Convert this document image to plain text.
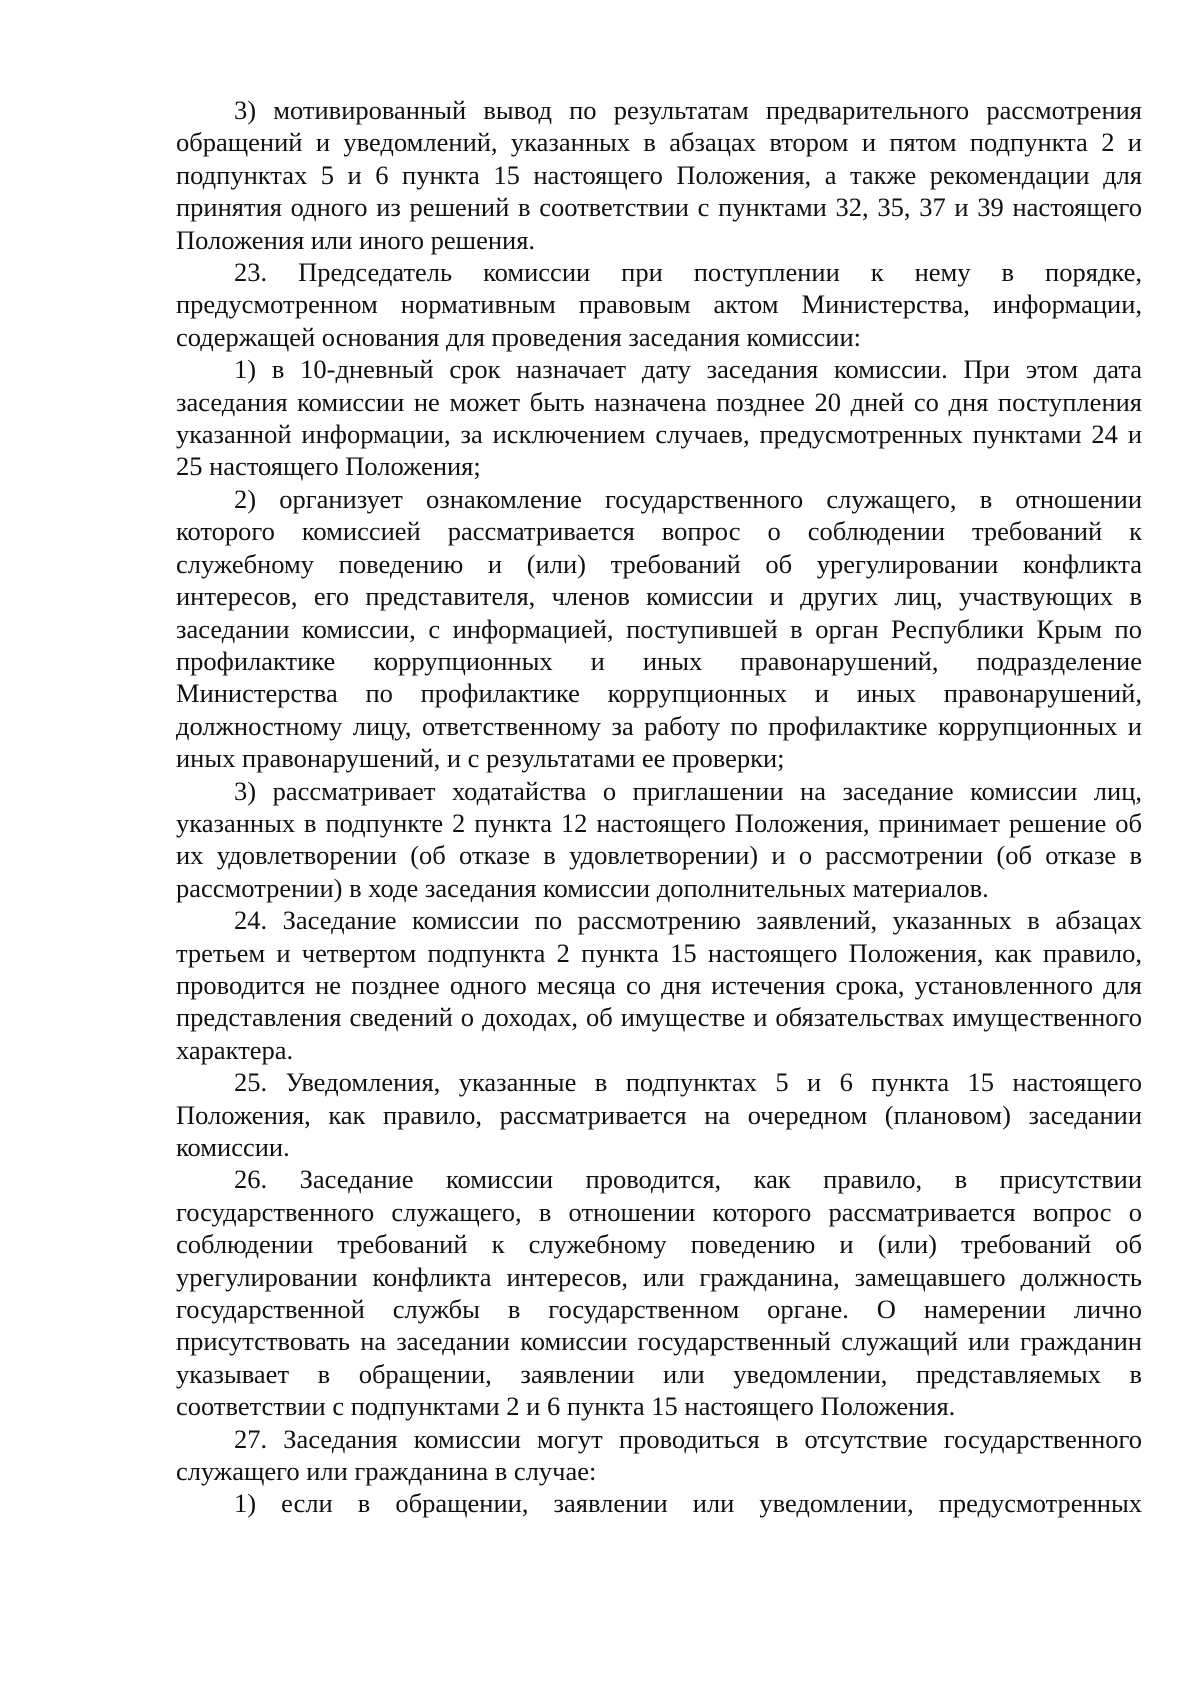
3) мотивированный вывод по результатам предварительного рассмотрения обращений и уведомлений, указанных в абзацах втором и пятом подпункта 2 и подпунктах 5 и 6 пункта 15 настоящего Положения, а также рекомендации для принятия одного из решений в соответствии с пунктами 32, 35, 37 и 39 настоящего Положения или иного решения.

23. Председатель комиссии при поступлении к нему в порядке, предусмотренном нормативным правовым актом Министерства, информации, содержащей основания для проведения заседания комиссии:

1) в 10-дневный срок назначает дату заседания комиссии. При этом дата заседания комиссии не может быть назначена позднее 20 дней со дня поступления указанной информации, за исключением случаев, предусмотренных пунктами 24 и 25 настоящего Положения;

2) организует ознакомление государственного служащего, в отношении которого комиссией рассматривается вопрос о соблюдении требований к служебному поведению и (или) требований об урегулировании конфликта интересов, его представителя, членов комиссии и других лиц, участвующих в заседании комиссии, с информацией, поступившей в орган Республики Крым по профилактике коррупционных и иных правонарушений, подразделение Министерства по профилактике коррупционных и иных правонарушений, должностному лицу, ответственному за работу по профилактике коррупционных и иных правонарушений, и с результатами ее проверки;

3) рассматривает ходатайства о приглашении на заседание комиссии лиц, указанных в подпункте 2 пункта 12 настоящего Положения, принимает решение об их удовлетворении (об отказе в удовлетворении) и о рассмотрении (об отказе в рассмотрении) в ходе заседания комиссии дополнительных материалов.

24. Заседание комиссии по рассмотрению заявлений, указанных в абзацах третьем и четвертом подпункта 2 пункта 15 настоящего Положения, как правило, проводится не позднее одного месяца со дня истечения срока, установленного для представления сведений о доходах, об имуществе и обязательствах имущественного характера.

25. Уведомления, указанные в подпунктах 5 и 6 пункта 15 настоящего Положения, как правило, рассматривается на очередном (плановом) заседании комиссии.

26. Заседание комиссии проводится, как правило, в присутствии государственного служащего, в отношении которого рассматривается вопрос о соблюдении требований к служебному поведению и (или) требований об урегулировании конфликта интересов, или гражданина, замещавшего должность государственной службы в государственном органе. О намерении лично присутствовать на заседании комиссии государственный служащий или гражданин указывает в обращении, заявлении или уведомлении, представляемых в соответствии с подпунктами 2 и 6 пункта 15 настоящего Положения.

27. Заседания комиссии могут проводиться в отсутствие государственного служащего или гражданина в случае:

1) если в обращении, заявлении или уведомлении, предусмотренных
